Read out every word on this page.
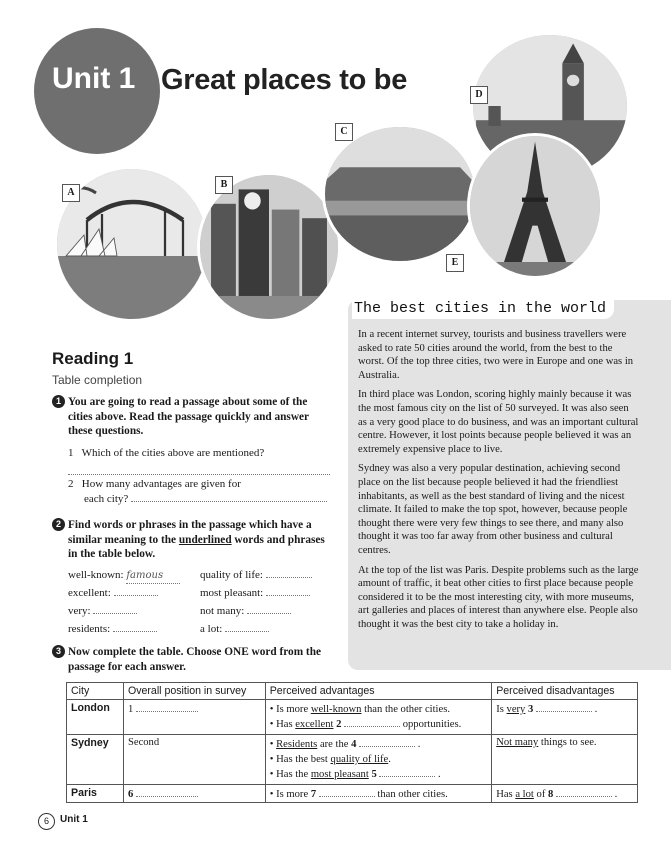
Unit 1 Great places to be
A
B
C
D
E
The best cities in the world

In a recent internet survey, tourists and business travellers were asked to rate 50 cities around the world, from the best to the worst. Of the top three cities, two were in Europe and one was in Australia.

In third place was London, scoring highly mainly because it was the most famous city on the list of 50 surveyed. It was also seen as a very good place to do business, and was an important cultural centre. However, it lost points because people believed it was an extremely expensive place to live.

Sydney was also a very popular destination, achieving second place on the list because people believed it had the friendliest inhabitants, as well as the best standard of living and the nicest climate. It failed to make the top spot, however, because people thought there were very few things to see there, and many also thought it was too far away from other business and cultural centres.

At the top of the list was Paris. Despite problems such as the large amount of traffic, it beat other cities to first place because people considered it to be the most interesting city, with more museums, art galleries and places of interest than anywhere else. People also thought it was the best city to take a holiday in.

Reading 1
Table completion
1 You are going to read a passage about some of the cities above. Read the passage quickly and answer these questions.
1 Which of the cities above are mentioned?
2 How many advantages are given for
each city?
2 Find words or phrases in the passage which have a similar meaning to the underlined words and phrases in the table below.
well-known: famous	quality of life:
excellent:	most pleasant:
very:	not many:
residents:	a lot:
3 Now complete the table. Choose ONE word from the passage for each answer.
City	Overall position in survey	Perceived advantages	Perceived disadvantages
London	1	• Is more well-known than the other cities.
• Has excellent 2 opportunities.	Is very 3 .
Sydney	Second	• Residents are the 4 .
• Has the best quality of life.
• Has the most pleasant 5 .	Not many things to see.
Paris	6	• Is more 7 than other cities.	Has a lot of 8 .
6	Unit 1
